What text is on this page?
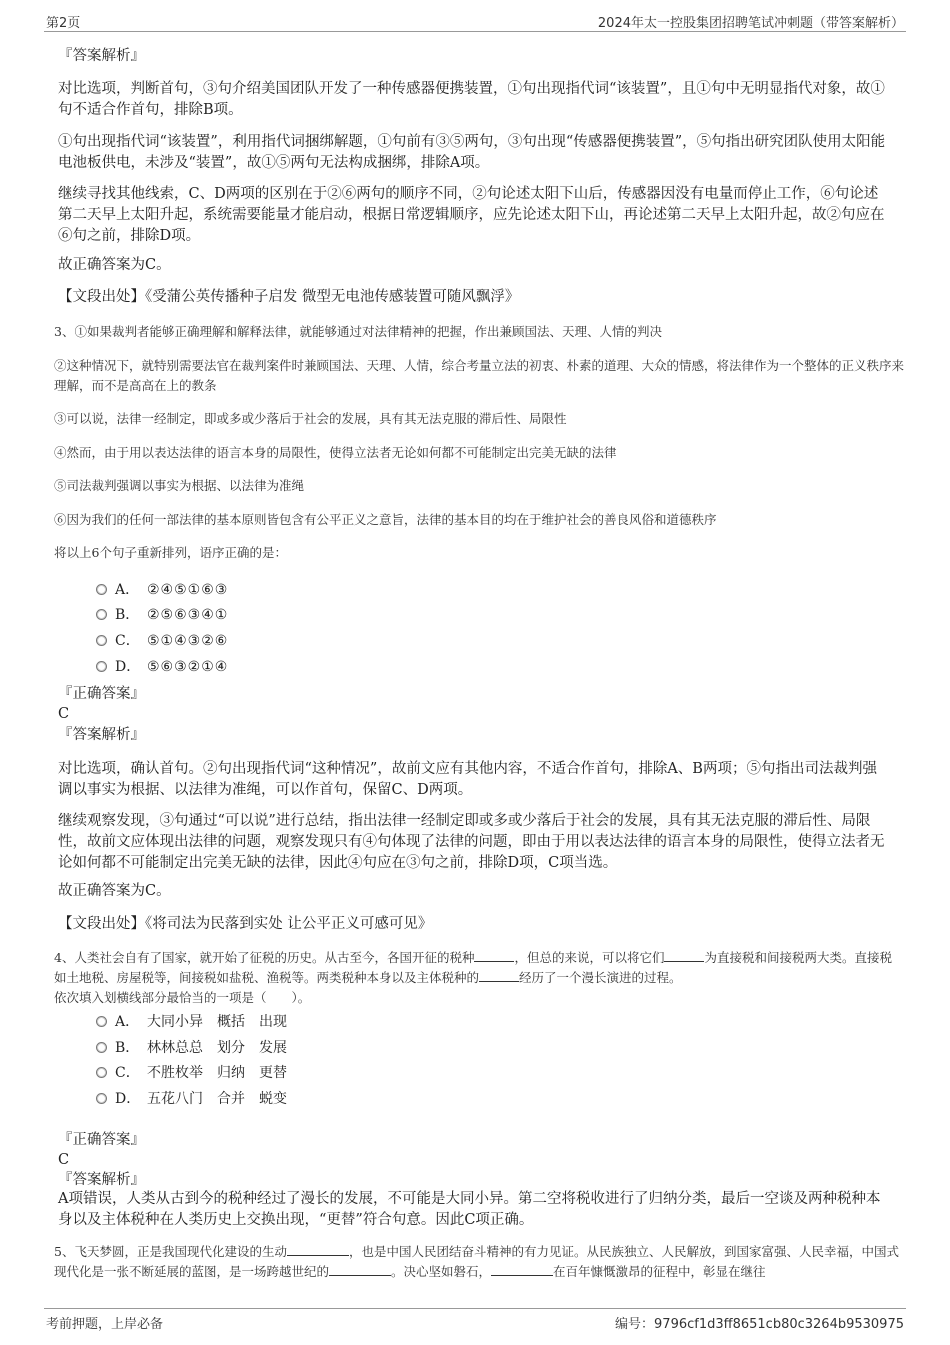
第2页	2024年太一控股集团招聘笔试冲刺题（带答案解析）
『答案解析』
对比选项，判断首句，③句介绍美国团队开发了一种传感器便携装置，①句出现指代词“该装置”，且①句中无明显指代对象，故①句不适合作首句，排除B项。
①句出现指代词“该装置”，利用指代词捆绑解题，①句前有③⑤两句，③句出现“传感器便携装置”，⑤句指出研究团队使用太阳能电池板供电，未涉及“装置”，故①⑤两句无法构成捆绑，排除A项。
继续寻找其他线索，C、D两项的区别在于②⑥两句的顺序不同，②句论述太阳下山后，传感器因没有电量而停止工作，⑥句论述第二天早上太阳升起，系统需要能量才能启动，根据日常逻辑顺序，应先论述太阳下山，再论述第二天早上太阳升起，故②句应在⑥句之前，排除D项。
故正确答案为C。
【文段出处】《受蒲公英传播种子启发 微型无电池传感装置可随风飘浮》
3、①如果裁判者能够正确理解和解释法律，就能够通过对法律精神的把握，作出兼顾国法、天理、人情的判决
②这种情况下，就特别需要法官在裁判案件时兼顾国法、天理、人情，综合考量立法的初衷、朴素的道理、大众的情感，将法律作为一个整体的正义秩序来理解，而不是高高在上的教条
③可以说，法律一经制定，即或多或少落后于社会的发展，具有其无法克服的滞后性、局限性
④然而，由于用以表达法律的语言本身的局限性，使得立法者无论如何都不可能制定出完美无缺的法律
⑤司法裁判强调以事实为根据、以法律为准绳
⑥因为我们的任何一部法律的基本原则皆包含有公平正义之意旨，法律的基本目的均在于维护社会的善良风俗和道德秩序
将以上6个句子重新排列，语序正确的是：
A． ②④⑤①⑥③
B． ②⑤⑥③④①
C． ⑤①④③②⑥
D． ⑤⑥③②①④
『正确答案』
C
『答案解析』
对比选项，确认首句。②句出现指代词“这种情况”，故前文应有其他内容，不适合作首句，排除A、B两项；⑤句指出司法裁判强调以事实为根据、以法律为准绳，可以作首句，保留C、D两项。
继续观察发现，③句通过“可以说”进行总结，指出法律一经制定即或多或少落后于社会的发展，具有其无法克服的滞后性、局限性，故前文应体现出法律的问题，观察发现只有④句体现了法律的问题，即由于用以表达法律的语言本身的局限性，使得立法者无论如何都不可能制定出完美无缺的法律，因此④句应在③句之前，排除D项，C项当选。
故正确答案为C。
【文段出处】《将司法为民落到实处 让公平正义可感可见》
4、人类社会自有了国家，就开始了征税的历史。从古至今，各国开征的税种	，但总的来说，可以将它们	为直接税和间接税两大类。直接税如土地税、房屋税等，间接税如盐税、渔税等。两类税种本身以及主体税种的	经历了一个漫长演进的过程。
依次填入划横线部分最恰当的一项是（　　）。
A． 大同小异　概括　出现
B． 林林总总　划分　发展
C． 不胜枚举　归纳　更替
D． 五花八门　合并　蜕变
『正确答案』
C
『答案解析』
A项错误，人类从古到今的税种经过了漫长的发展，不可能是大同小异。第二空将税收进行了归纳分类，最后一空谈及两种税种本身以及主体税种在人类历史上交换出现，“更替”符合句意。因此C项正确。
5、飞天梦圆，正是我国现代化建设的生动	，也是中国人民团结奋斗精神的有力见证。从民族独立、人民解放，到国家富强、人民幸福，中国式现代化是一张不断延展的蓝图，是一场跨越世纪的	。决心坚如磐石，	在百年慷慨激昂的征程中，彰显在继往
考前押题，上岸必备	编号：9796cf1d3ff8651cb80c3264b9530975
